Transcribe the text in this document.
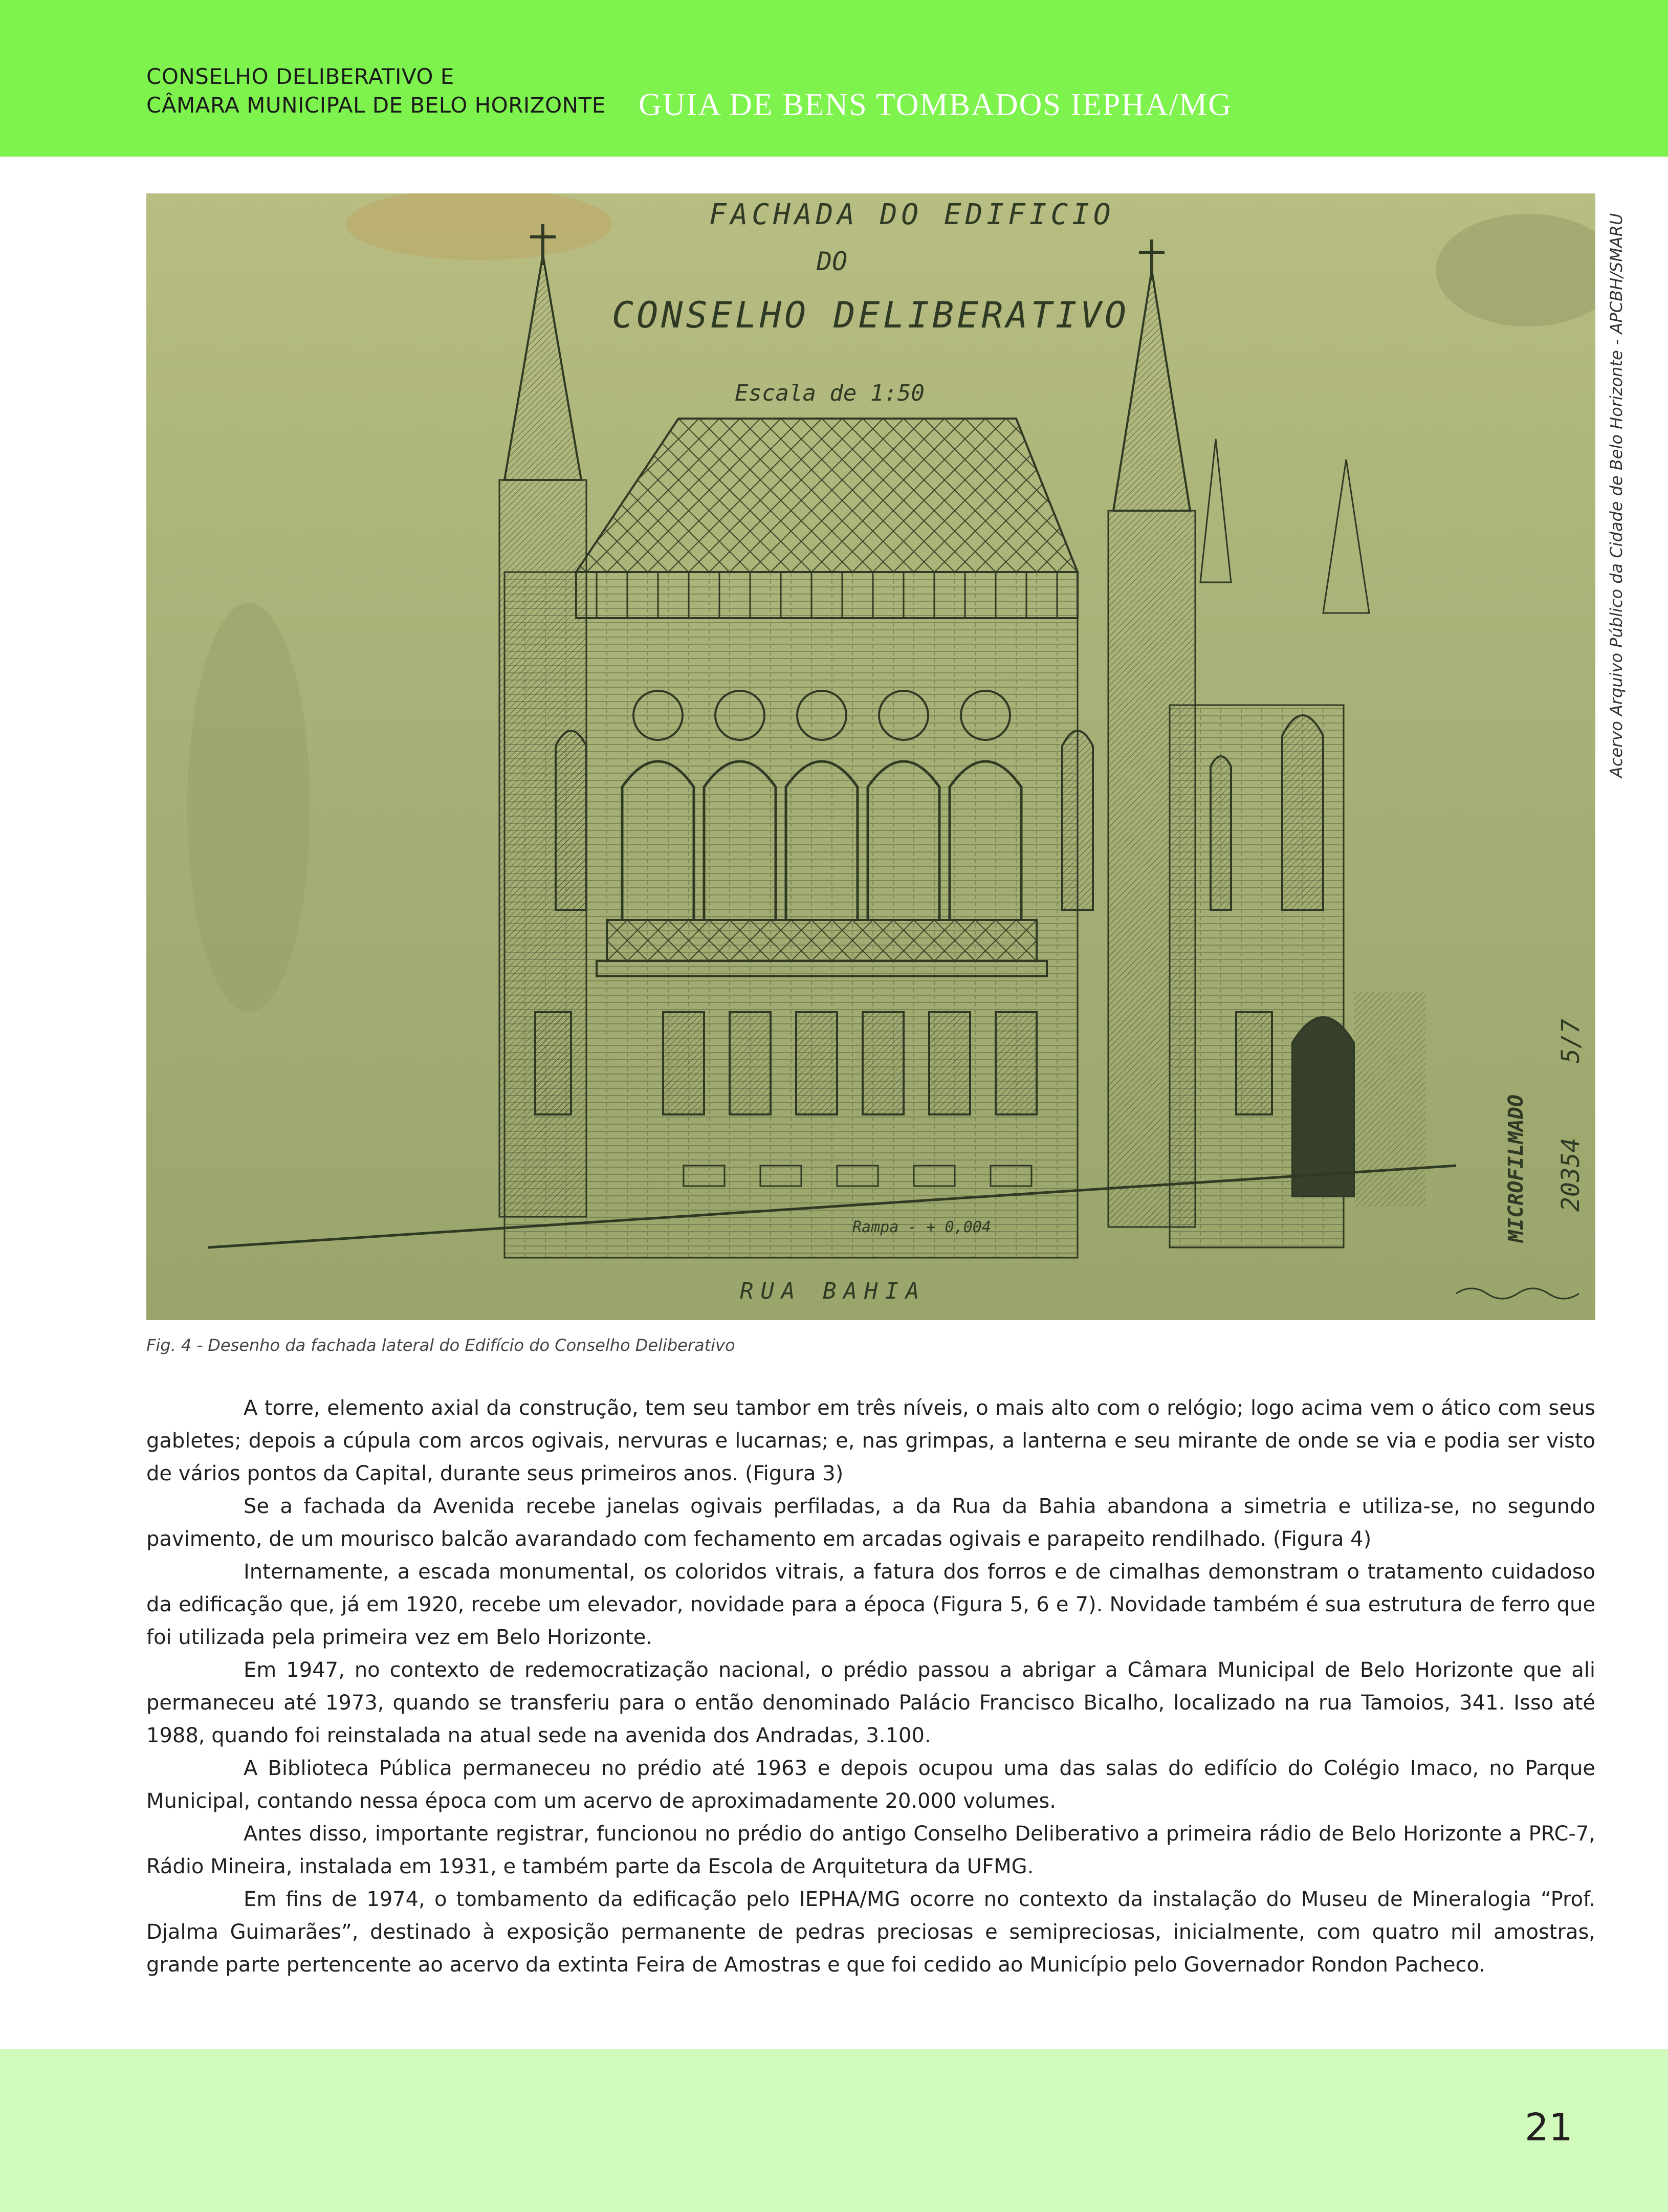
CONSELHO DELIBERATIVO E
CÂMARA MUNICIPAL DE BELO HORIZONTE GUIA DE BENS TOMBADOS IEPHA/MG
FACHADA DO EDIFICIO
DO
CONSELHO DELIBERATIVO
Escala de 1:50
Rampa - + 0,004
RUA BAHIA
MICROFILMADO 20354
5/7
Acervo Arquivo Público da Cidade de Belo Horizonte - APCBH/SMARU
Fig. 4 - Desenho da fachada lateral do Edifício do Conselho Deliberativo

A torre, elemento axial da construção, tem seu tambor em três níveis, o mais alto com o relógio; logo acima vem o ático com seus gabletes; depois a cúpula com arcos ogivais, nervuras e lucarnas; e, nas grimpas, a lanterna e seu mirante de onde se via e podia ser visto de vários pontos da Capital, durante seus primeiros anos. (Figura 3)

Se a fachada da Avenida recebe janelas ogivais perfiladas, a da Rua da Bahia abandona a simetria e utiliza-se, no segundo pavimento, de um mourisco balcão avarandado com fechamento em arcadas ogivais e parapeito rendilhado. (Figura 4)

Internamente, a escada monumental, os coloridos vitrais, a fatura dos forros e de cimalhas demonstram o tratamento cuidadoso da edificação que, já em 1920, recebe um elevador, novidade para a época (Figura 5, 6 e 7). Novidade também é sua estrutura de ferro que foi utilizada pela primeira vez em Belo Horizonte.

Em 1947, no contexto de redemocratização nacional, o prédio passou a abrigar a Câmara Municipal de Belo Horizonte que ali permaneceu até 1973, quando se transferiu para o então denominado Palácio Francisco Bicalho, localizado na rua Tamoios, 341. Isso até 1988, quando foi reinstalada na atual sede na avenida dos Andradas, 3.100.

A Biblioteca Pública permaneceu no prédio até 1963 e depois ocupou uma das salas do edifício do Colégio Imaco, no Parque Municipal, contando nessa época com um acervo de aproximadamente 20.000 volumes.

Antes disso, importante registrar, funcionou no prédio do antigo Conselho Deliberativo a primeira rádio de Belo Horizonte a PRC-7, Rádio Mineira, instalada em 1931, e também parte da Escola de Arquitetura da UFMG.

Em fins de 1974, o tombamento da edificação pelo IEPHA/MG ocorre no contexto da instalação do Museu de Mineralogia “Prof. Djalma Guimarães”, destinado à exposição permanente de pedras preciosas e semipreciosas, inicialmente, com quatro mil amostras, grande parte pertencente ao acervo da extinta Feira de Amostras e que foi cedido ao Município pelo Governador Rondon Pacheco.

21
